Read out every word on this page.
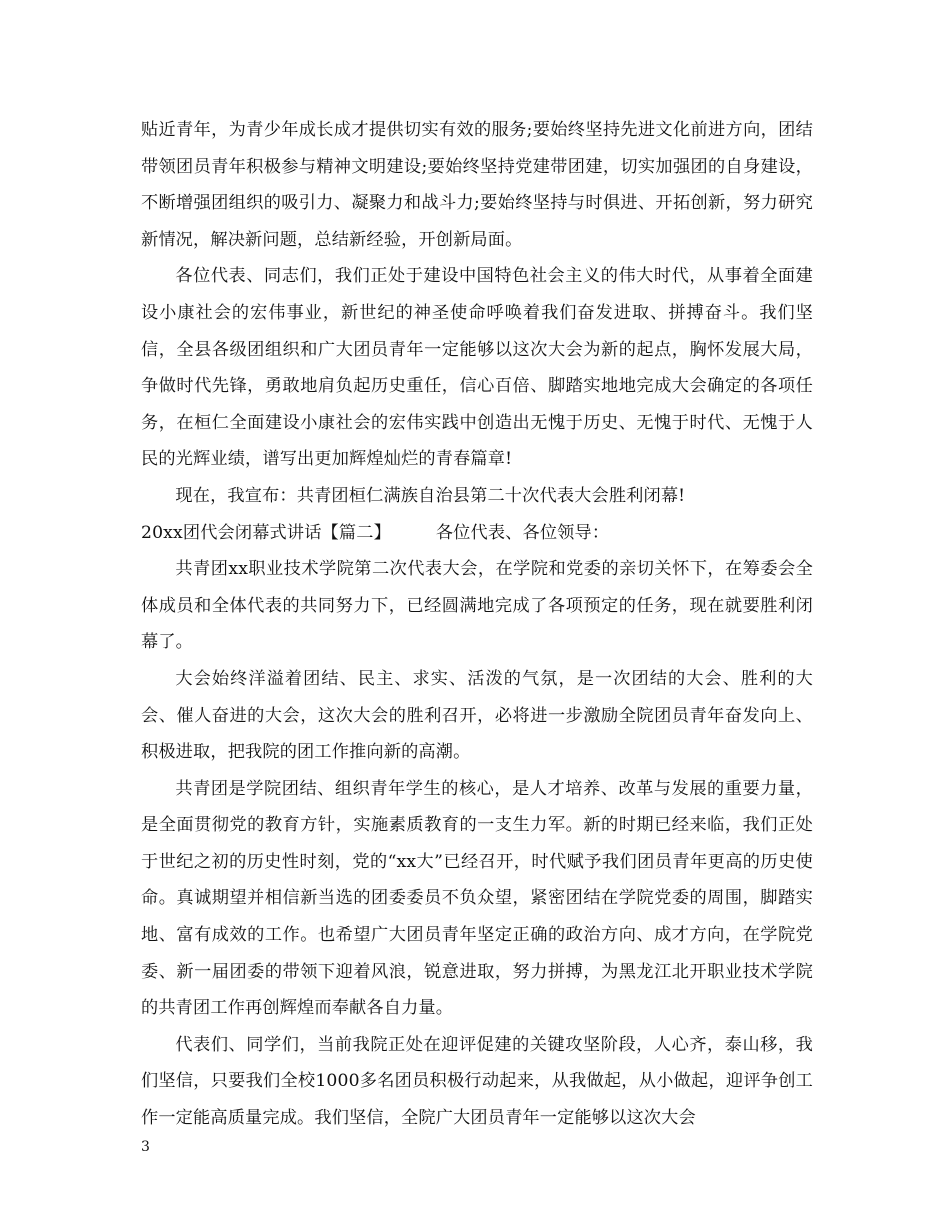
贴近青年，为青少年成长成才提供切实有效的服务;要始终坚持先进文化前进方向，团结带领团员青年积极参与精神文明建设;要始终坚持党建带团建，切实加强团的自身建设，不断增强团组织的吸引力、凝聚力和战斗力;要始终坚持与时俱进、开拓创新，努力研究新情况，解决新问题，总结新经验，开创新局面。

各位代表、同志们，我们正处于建设中国特色社会主义的伟大时代，从事着全面建设小康社会的宏伟事业，新世纪的神圣使命呼唤着我们奋发进取、拼搏奋斗。我们坚信，全县各级团组织和广大团员青年一定能够以这次大会为新的起点，胸怀发展大局，争做时代先锋，勇敢地肩负起历史重任，信心百倍、脚踏实地地完成大会确定的各项任务，在桓仁全面建设小康社会的宏伟实践中创造出无愧于历史、无愧于时代、无愧于人民的光辉业绩，谱写出更加辉煌灿烂的青春篇章!

现在，我宣布：共青团桓仁满族自治县第二十次代表大会胜利闭幕!

20xx团代会闭幕式讲话【篇二】        各位代表、各位领导：

共青团xx职业技术学院第二次代表大会，在学院和党委的亲切关怀下，在筹委会全体成员和全体代表的共同努力下，已经圆满地完成了各项预定的任务，现在就要胜利闭幕了。

大会始终洋溢着团结、民主、求实、活泼的气氛，是一次团结的大会、胜利的大会、催人奋进的大会，这次大会的胜利召开，必将进一步激励全院团员青年奋发向上、积极进取，把我院的团工作推向新的高潮。

共青团是学院团结、组织青年学生的核心，是人才培养、改革与发展的重要力量，是全面贯彻党的教育方针，实施素质教育的一支生力军。新的时期已经来临，我们正处于世纪之初的历史性时刻，党的“xx大”已经召开，时代赋予我们团员青年更高的历史使命。真诚期望并相信新当选的团委委员不负众望，紧密团结在学院党委的周围，脚踏实地、富有成效的工作。也希望广大团员青年坚定正确的政治方向、成才方向，在学院党委、新一届团委的带领下迎着风浪，锐意进取，努力拼搏，为黑龙江北开职业技术学院的共青团工作再创辉煌而奉献各自力量。

代表们、同学们，当前我院正处在迎评促建的关键攻坚阶段，人心齐，泰山移，我们坚信，只要我们全校1000多名团员积极行动起来，从我做起，从小做起，迎评争创工作一定能高质量完成。我们坚信，全院广大团员青年一定能够以这次大会

3
